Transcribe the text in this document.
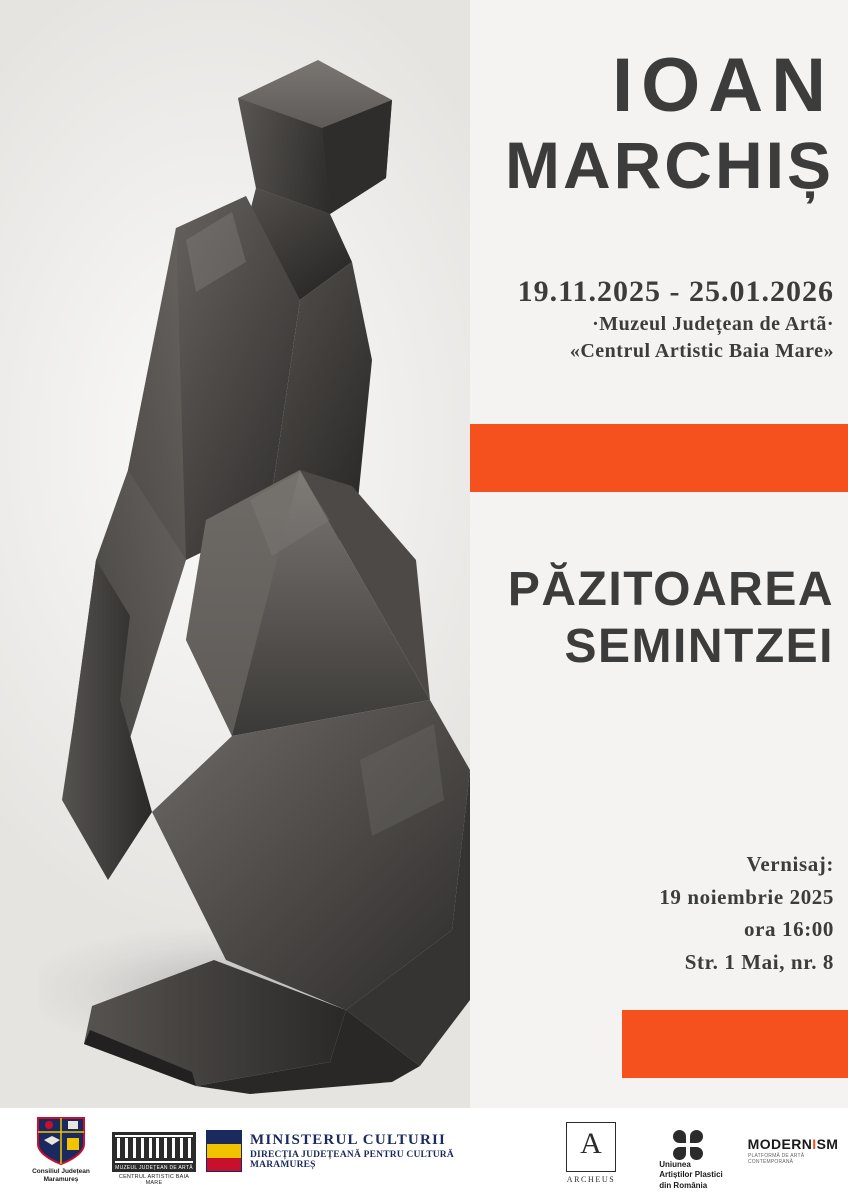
IOAN
MARCHIȘ
19.11.2025 - 25.01.2026
·Muzeul Județean de Artã·
«Centrul Artistic Baia Mare»
PĂZITOAREA
SEMINTZEI
Vernisaj:
19 noiembrie 2025
ora 16:00
Str. 1 Mai, nr. 8
Consiliul Județean
Maramureș
MUZEUL JUDEȚEAN DE ARTĂ
CENTRUL ARTISTIC BAIA MARE
MINISTERUL CULTURII
DIRECȚIA JUDEȚEANĂ PENTRU CULTURĂ
MARAMUREȘ
A
ARCHEUS
Uniunea
Artiștilor Plastici
din România
MODERNISM
PLATFORMĂ DE ARTĂ CONTEMPORANĂ
